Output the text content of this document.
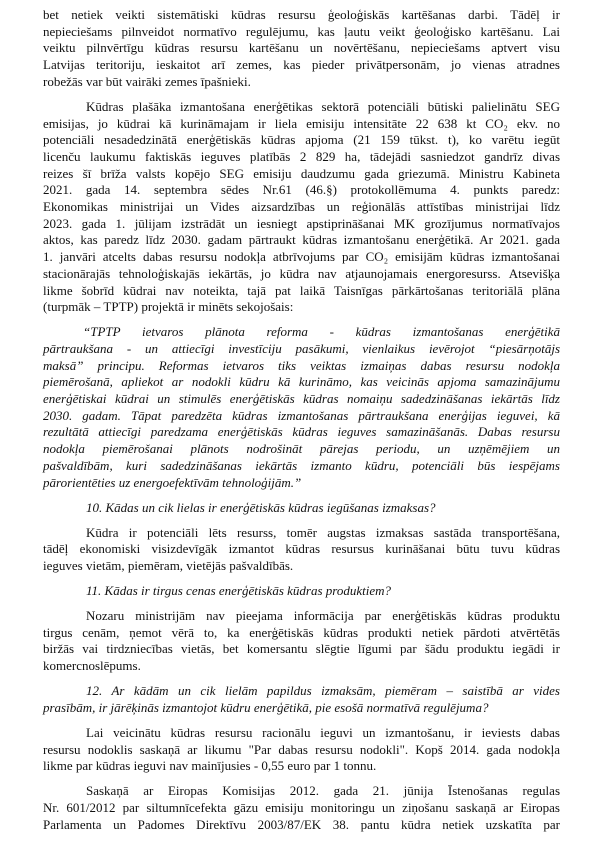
bet netiek veikti sistemātiski kūdras resursu ģeoloģiskās kartēšanas darbi. Tādēļ ir
nepieciešams pilnveidot normatīvo regulējumu, kas ļautu veikt ģeoloģisko kartēšanu. Lai
veiktu pilnvērtīgu kūdras resursu kartēšanu un novērtēšanu, nepieciešams aptvert visu
Latvijas teritoriju, ieskaitot arī zemes, kas pieder privātpersonām, jo vienas atradnes
robežās var būt vairāki zemes īpašnieki.
Kūdras plašāka izmantošana enerģētikas sektorā potenciāli būtiski palielinātu SEG
emisijas, jo kūdrai kā kurināmajam ir liela emisiju intensitāte 22 638 kt CO₂ ekv. no
potenciāli nesadedzinātā enerģētiskās kūdras apjoma (21 159 tūkst. t), ko varētu iegūt
licenču laukumu faktiskās ieguves platībās 2 829 ha, tādejādi sasniedzot gandrīz divas
reizes šī brīža valsts kopējo SEG emisiju daudzumu gada griezumā. Ministru Kabineta
2021. gada 14. septembra sēdes Nr.61 (46.§) protokollēmuma 4. punkts paredz:
Ekonomikas ministrijai un Vides aizsardzības un reģionālās attīstības ministrijai līdz
2023. gada 1. jūlijam izstrādāt un iesniegt apstiprināšanai MK grozījumus normatīvajos
aktos, kas paredz līdz 2030. gadam pārtraukt kūdras izmantošanu enerģētikā. Ar 2021. gada
1. janvāri atcelts dabas resursu nodokļa atbrīvojums par CO₂ emisijām kūdras izmantošanai
stacionārajās tehnoloģiskajās iekārtās, jo kūdra nav atjaunojamais energoresurss. Atsevišķa
likme šobrīd kūdrai nav noteikta, tajā pat laikā Taisnīgas pārkārtošanas teritoriālā plāna
(turpmāk – TPTP) projektā ir minēts sekojošais:
“TPTP ietvaros plānota reforma - kūdras izmantošanas enerģētikā
pārtraukšana - un attiecīgi investīciju pasākumi, vienlaikus ievērojot “piesārņotājs
maksā” principu. Reformas ietvaros tiks veiktas izmaiņas dabas resursu nodokļa
piemērošanā, apliekot ar nodokli kūdru kā kurināmo, kas veicinās apjoma samazinājumu
enerģētiskai kūdrai un stimulēs enerģētiskās kūdras nomaiņu sadedzināšanas iekārtās līdz
2030. gadam. Tāpat paredzēta kūdras izmantošanas pārtraukšana enerģijas ieguvei, kā
rezultātā attiecīgi paredzama enerģētiskās kūdras ieguves samazināšanās. Dabas resursu
nodokļa piemērošanai plānots nodrošināt pārejas periodu, un uzņēmējiem un
pašvaldībām, kuri sadedzināšanas iekārtās izmanto kūdru, potenciāli būs iespējams
pārorientēties uz energoefektīvām tehnoloģijām.”
10. Kādas un cik lielas ir enerģētiskās kūdras iegūšanas izmaksas?
Kūdra ir potenciāli lēts resurss, tomēr augstas izmaksas sastāda transportēšana,
tādēļ ekonomiski visizdevīgāk izmantot kūdras resursus kurināšanai būtu tuvu kūdras
ieguves vietām, piemēram, vietējās pašvaldībās.
11. Kādas ir tirgus cenas enerģētiskās kūdras produktiem?
Nozaru ministrijām nav pieejama informācija par enerģētiskās kūdras produktu
tirgus cenām, ņemot vērā to, ka enerģētiskās kūdras produkti netiek pārdoti atvērtētās
biržās vai tirdzniecības vietās, bet komersantu slēgtie līgumi par šādu produktu iegādi ir
komercnoslēpums.
12. Ar kādām un cik lielām papildus izmaksām, piemēram – saistībā ar vides
prasībām, ir jārēķinās izmantojot kūdru enerģētikā, pie esošā normatīvā regulējuma?
Lai veicinātu kūdras resursu racionālu ieguvi un izmantošanu, ir ieviests dabas
resursu nodoklis saskaņā ar likumu "Par dabas resursu nodokli". Kopš 2014. gada nodokļa
likme par kūdras ieguvi nav mainījusies - 0,55 euro par 1 tonnu.
Saskaņā ar Eiropas Komisijas 2012. gada 21. jūnija Īstenošanas regulas
Nr. 601/2012 par siltumnīcefekta gāzu emisiju monitoringu un ziņošanu saskaņā ar Eiropas
Parlamenta un Padomes Direktīvu 2003/87/EK 38. pantu kūdra netiek uzskatīta par
